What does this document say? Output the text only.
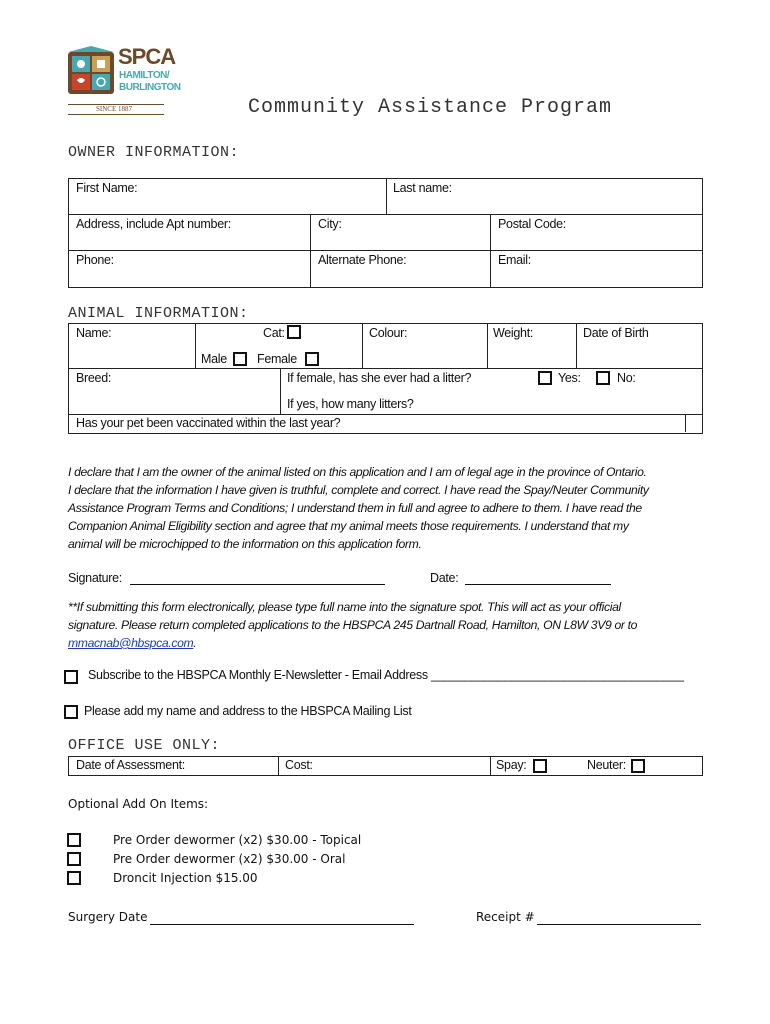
SPCA
HAMILTON/
BURLINGTON
SINCE 1887	Community Assistance Program
OWNER INFORMATION:
First Name:	Last name:
Address, include Apt number:	City:	Postal Code:
Phone:	Alternate Phone:	Email:
ANIMAL INFORMATION:
Name:	Cat:	Colour:	Weight:	Date of Birth
Male Female
Breed:	If female, has she ever had a litter?	Yes:	No:
If yes, how many litters?
Has your pet been vaccinated within the last year?
I declare that I am the owner of the animal listed on this application and I am of legal age in the province of Ontario.
I declare that the information I have given is truthful, complete and correct. I have read the Spay/Neuter Community
Assistance Program Terms and Conditions; I understand them in full and agree to adhere to them. I have read the
Companion Animal Eligibility section and agree that my animal meets those requirements. I understand that my
animal will be microchipped to the information on this application form.
Signature:	Date:
**If submitting this form electronically, please type full name into the signature spot. This will act as your official
signature. Please return completed applications to the HBSPCA 245 Dartnall Road, Hamilton, ON L8W 3V9 or to
mmacnab@hbspca.com.
Subscribe to the HBSPCA Monthly E-Newsletter - Email Address ______________________________________
Please add my name and address to the HBSPCA Mailing List
OFFICE USE ONLY:
Date of Assessment:	Cost:	Spay:	Neuter:
Optional Add On Items:
Pre Order dewormer (x2) $30.00 - Topical
Pre Order dewormer (x2) $30.00 - Oral
Droncit Injection $15.00
Surgery Date	Receipt #
